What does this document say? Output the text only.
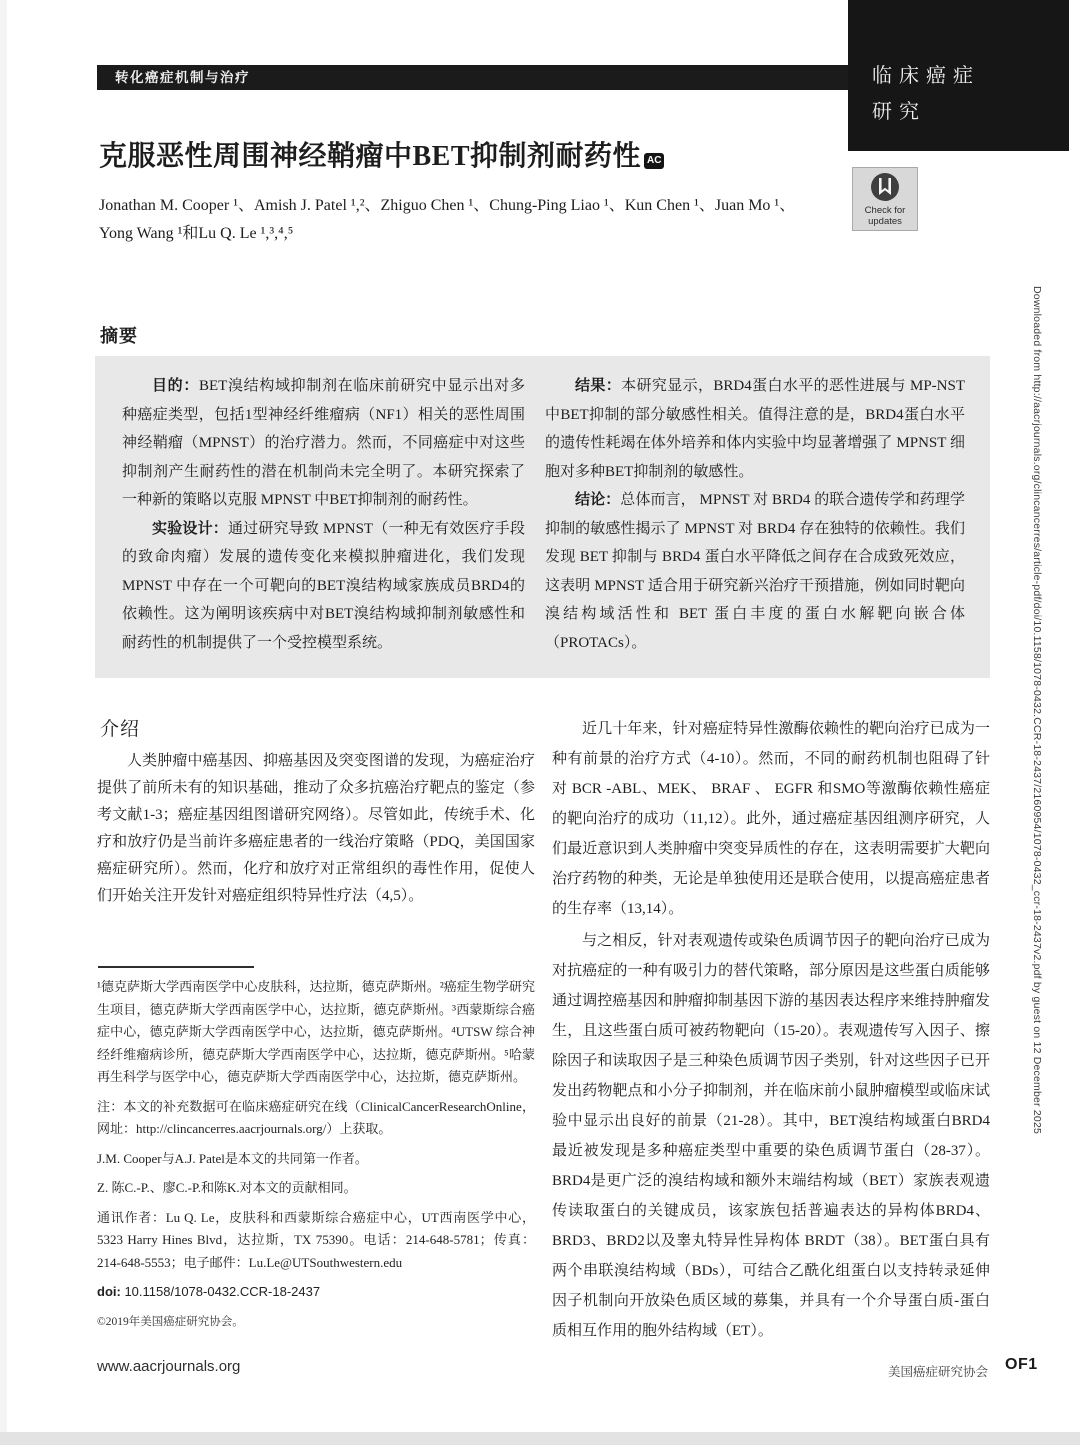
临床癌症
研究
转化癌症机制与治疗
克服恶性周围神经鞘瘤中BET抑制剂耐药性 AC
Jonathan M. Cooper ¹、Amish J. Patel ¹,²、Zhiguo Chen ¹、Chung-Ping Liao ¹、Kun Chen ¹、Juan Mo ¹、
Yong Wang ¹和Lu Q. Le ¹,³,⁴,⁵
Check for
updates
摘要

目的：BET溴结构域抑制剂在临床前研究中显示出对多种癌症类型，包括1型神经纤维瘤病（NF1）相关的恶性周围神经鞘瘤（MPNST）的治疗潜力。然而，不同癌症中对这些抑制剂产生耐药性的潜在机制尚未完全明了。本研究探索了一种新的策略以克服 MPNST 中BET抑制剂的耐药性。

实验设计：通过研究导致 MPNST（一种无有效医疗手段的致命肉瘤）发展的遗传变化来模拟肿瘤进化，我们发现 MPNST 中存在一个可靶向的BET溴结构域家族成员BRD4的依赖性。这为阐明该疾病中对BET溴结构域抑制剂敏感性和耐药性的机制提供了一个受控模型系统。

结果：本研究显示，BRD4蛋白水平的恶性进展与 MP-NST 中BET抑制的部分敏感性相关。值得注意的是，BRD4蛋白水平的遗传性耗竭在体外培养和体内实验中均显著增强了 MPNST 细胞对多种BET抑制剂的敏感性。

结论：总体而言， MPNST 对 BRD4 的联合遗传学和药理学抑制的敏感性揭示了 MPNST 对 BRD4 存在独特的依赖性。我们发现 BET 抑制与 BRD4 蛋白水平降低之间存在合成致死效应，这表明 MPNST 适合用于研究新兴治疗干预措施，例如同时靶向溴结构域活性和 BET 蛋白丰度的蛋白水解靶向嵌合体（PROTACs）。

介绍

人类肿瘤中癌基因、抑癌基因及突变图谱的发现，为癌症治疗提供了前所未有的知识基础，推动了众多抗癌治疗靶点的鉴定（参考文献1-3；癌症基因组图谱研究网络）。尽管如此，传统手术、化疗和放疗仍是当前许多癌症患者的一线治疗策略（PDQ，美国国家癌症研究所）。然而，化疗和放疗对正常组织的毒性作用，促使人们开始关注开发针对癌症组织特异性疗法（4,5）。

近几十年来，针对癌症特异性激酶依赖性的靶向治疗已成为一种有前景的治疗方式（4-10）。然而，不同的耐药机制也阻碍了针对 BCR -ABL、MEK、 BRAF 、 EGFR 和SMO等激酶依赖性癌症的靶向治疗的成功（11,12）。此外，通过癌症基因组测序研究，人们最近意识到人类肿瘤中突变异质性的存在，这表明需要扩大靶向治疗药物的种类，无论是单独使用还是联合使用，以提高癌症患者的生存率（13,14）。

与之相反，针对表观遗传或染色质调节因子的靶向治疗已成为对抗癌症的一种有吸引力的替代策略，部分原因是这些蛋白质能够通过调控癌基因和肿瘤抑制基因下游的基因表达程序来维持肿瘤发生，且这些蛋白质可被药物靶向（15-20）。表观遗传写入因子、擦除因子和读取因子是三种染色质调节因子类别，针对这些因子已开发出药物靶点和小分子抑制剂，并在临床前小鼠肿瘤模型或临床试验中显示出良好的前景（21-28）。其中，BET溴结构域蛋白BRD4最近被发现是多种癌症类型中重要的染色质调节蛋白（28-37）。BRD4是更广泛的溴结构域和额外末端结构域（BET）家族表观遗传读取蛋白的关键成员，该家族包括普遍表达的异构体BRD4、BRD3、BRD2以及睾丸特异性异构体 BRDT（38）。BET蛋白具有两个串联溴结构域（BDs），可结合乙酰化组蛋白以支持转录延伸因子机制向开放染色质区域的募集，并具有一个介导蛋白质-蛋白质相互作用的胞外结构域（ET）。

¹德克萨斯大学西南医学中心皮肤科，达拉斯，德克萨斯州。²癌症生物学研究生项目，德克萨斯大学西南医学中心，达拉斯，德克萨斯州。³西蒙斯综合癌症中心，德克萨斯大学西南医学中心，达拉斯，德克萨斯州。⁴UTSW 综合神经纤维瘤病诊所，德克萨斯大学西南医学中心，达拉斯，德克萨斯州。⁵哈蒙再生科学与医学中心，德克萨斯大学西南医学中心，达拉斯，德克萨斯州。

注：本文的补充数据可在临床癌症研究在线（ClinicalCancerResearchOnline，网址：http://clincancerres.aacrjournals.org/）上获取。

J.M. Cooper与A.J. Patel是本文的共同第一作者。

Z. 陈C.-P.、廖C.-P.和陈K.对本文的贡献相同。

通讯作者：Lu Q. Le，皮肤科和西蒙斯综合癌症中心，UT西南医学中心，5323 Harry Hines Blvd，达拉斯，TX 75390。电话：214-648-5781；传真：214-648-5553；电子邮件：Lu.Le@UTSouthwestern.edu

doi: 10.1158/1078-0432.CCR-18-2437

©2019年美国癌症研究协会。

Downloaded from http://aacrjournals.org/clincancerres/article-pdf/doi/10.1158/1078-0432.CCR-18-2437/2160954/1078-0432_ccr-18-2437v2.pdf by guest on 12 December 2025
www.aacrjournals.org	美国癌症研究协会 OF1
